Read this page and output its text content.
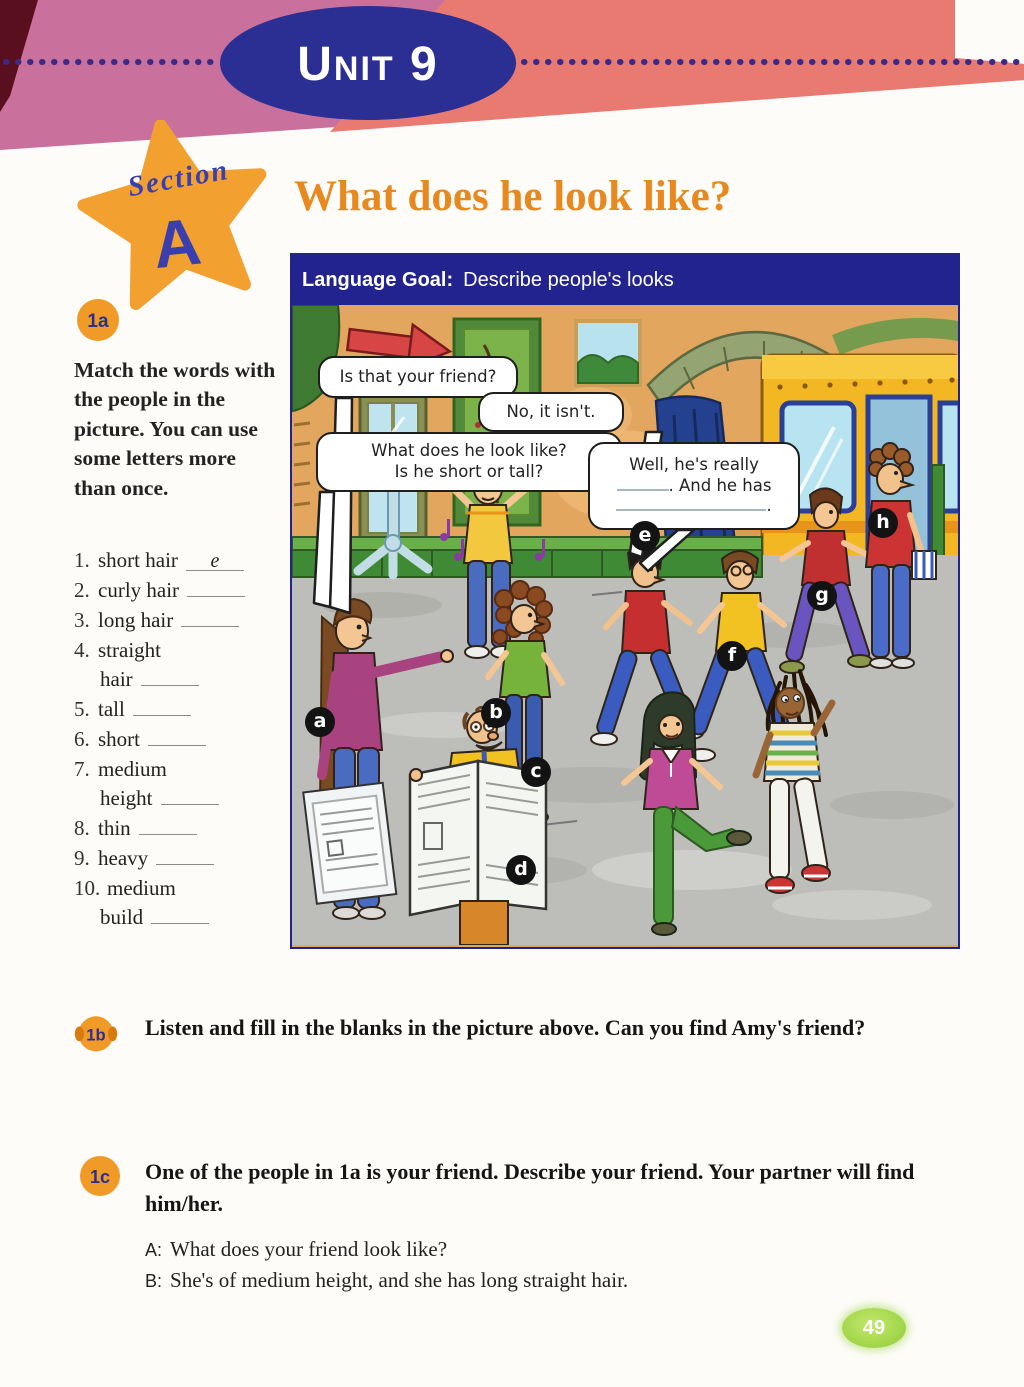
Unit 9
Section
A
What does he look like?
Language Goal: Describe people's looks
Is that your friend?
No, it isn't.
What does he look like?
Is he short or tall?	Well, he's really
. And he has
.
a	b
c
d
e
f
g
h
1a
Match the words with the people in the picture. You can use some letters more than once.
1. short hair e
2. curly hair
3. long hair
4. straight
hair
5. tall
6. short
7. medium
height
8. thin
9. heavy
10. medium
build
1b Listen and fill in the blanks in the picture above. Can you find Amy's friend?
1c One of the people in 1a is your friend. Describe your friend. Your partner will find him/her.
A: What does your friend look like?
B: She's of medium height, and she has long straight hair.
49
